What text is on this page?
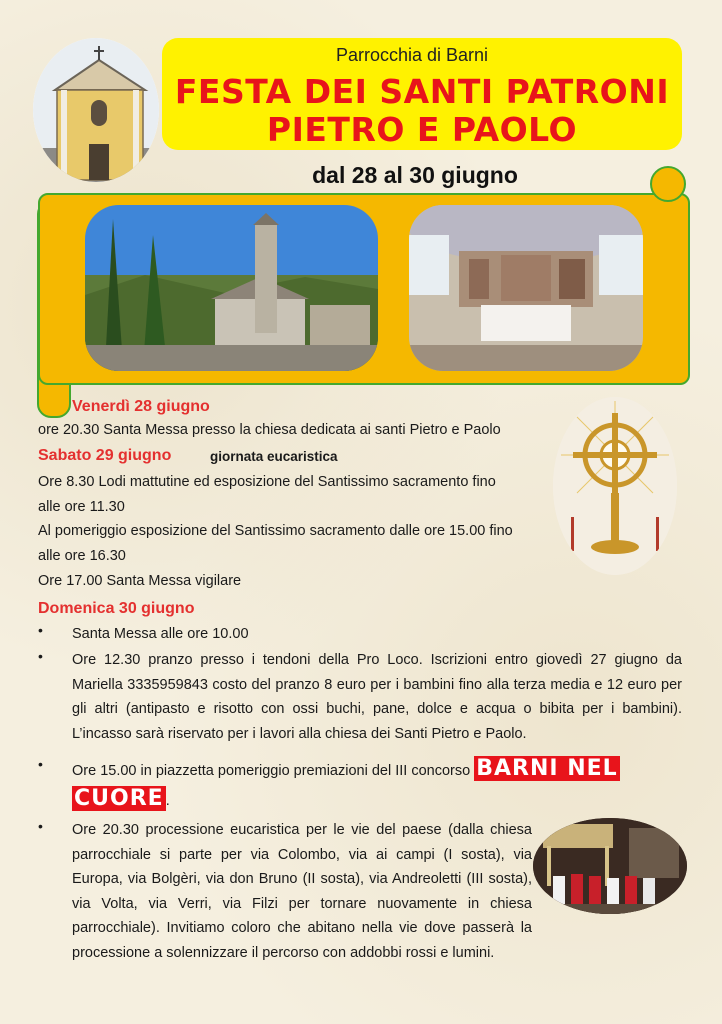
Parrocchia di Barni
FESTA DEI SANTI PATRONI
PIETRO E PAOLO
dal 28 al 30 giugno
Venerdì 28 giugno
ore 20.30 Santa Messa presso la chiesa dedicata ai santi Pietro e Paolo
Sabato 29 giugno	giornata eucaristica
Ore 8.30 Lodi mattutine ed esposizione del Santissimo sacramento fino
alle ore 11.30
Al pomeriggio esposizione del Santissimo sacramento dalle ore 15.00 fino
alle ore 16.30
Ore 17.00 Santa Messa vigilare
Domenica 30 giugno
•	Santa Messa alle ore 10.00
•	Ore 12.30 pranzo presso i tendoni della Pro Loco. Iscrizioni entro giovedì 27 giugno da Mariella 3335959843 costo del pranzo 8 euro per i bambini fino alla terza media e 12 euro per gli altri (antipasto e risotto con ossi buchi, pane, dolce e acqua o bibita per i bambini). L’incasso sarà riservato per i lavori alla chiesa dei Santi Pietro e Paolo.
•	Ore 15.00 in piazzetta pomeriggio premiazioni del III concorso BARNI NEL
CUORE .
•	Ore 20.30 processione eucaristica per le vie del paese (dalla chiesa parrocchiale si parte per via Colombo, via ai campi (I sosta), via Europa, via Bolgèri, via don Bruno (II sosta), via Andreoletti (III sosta), via Volta, via Verri, via Filzi per tornare nuovamente in chiesa parrocchiale). Invitiamo coloro che abitano nella vie dove passerà la processione a solennizzare il percorso con addobbi rossi e lumini.
